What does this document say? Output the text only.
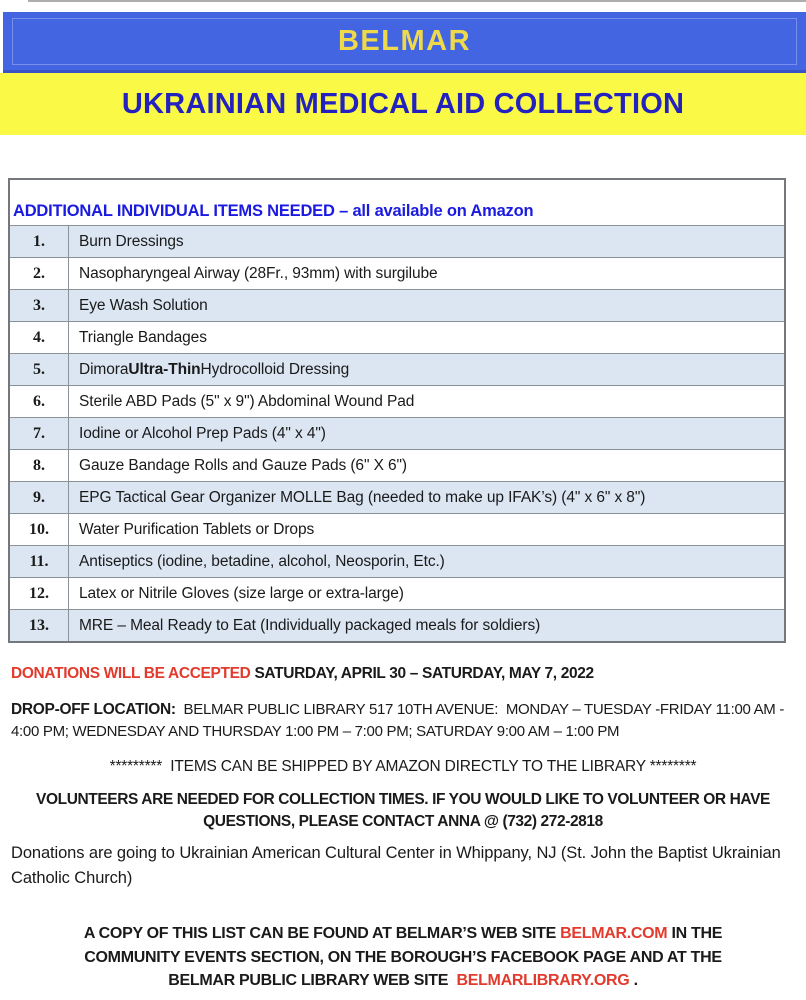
BELMAR
UKRAINIAN MEDICAL AID COLLECTION
ADDITIONAL INDIVIDUAL ITEMS NEEDED – all available on Amazon
1.	Burn Dressings
2.	Nasopharyngeal Airway (28Fr., 93mm) with surgilube
3.	Eye Wash Solution
4.	Triangle Bandages
5.	Dimora Ultra-Thin Hydrocolloid Dressing
6.	Sterile ABD Pads (5" x 9") Abdominal Wound Pad
7.	Iodine or Alcohol Prep Pads (4" x 4")
8.	Gauze Bandage Rolls and Gauze Pads (6" X 6")
9.	EPG Tactical Gear Organizer MOLLE Bag (needed to make up IFAK’s) (4" x 6" x 8")
10.	Water Purification Tablets or Drops
11.	Antiseptics (iodine, betadine, alcohol, Neosporin, Etc.)
12.	Latex or Nitrile Gloves (size large or extra-large)
13.	MRE – Meal Ready to Eat (Individually packaged meals for soldiers)
DONATIONS WILL BE ACCEPTED SATURDAY, APRIL 30 – SATURDAY, MAY 7, 2022
DROP-OFF LOCATION:  BELMAR PUBLIC LIBRARY 517 10TH AVENUE:  MONDAY – TUESDAY -FRIDAY 11:00 AM - 4:00 PM; WEDNESDAY AND THURSDAY 1:00 PM – 7:00 PM; SATURDAY 9:00 AM – 1:00 PM
*********  ITEMS CAN BE SHIPPED BY AMAZON DIRECTLY TO THE LIBRARY ********
VOLUNTEERS ARE NEEDED FOR COLLECTION TIMES. IF YOU WOULD LIKE TO VOLUNTEER OR HAVE QUESTIONS, PLEASE CONTACT ANNA @ (732) 272-2818
Donations are going to Ukrainian American Cultural Center in Whippany, NJ (St. John the Baptist Ukrainian Catholic Church)
A COPY OF THIS LIST CAN BE FOUND AT BELMAR’S WEB SITE BELMAR.COM IN THE COMMUNITY EVENTS SECTION, ON THE BOROUGH’S FACEBOOK PAGE AND AT THE BELMAR PUBLIC LIBRARY WEB SITE  BELMARLIBRARY.ORG .
